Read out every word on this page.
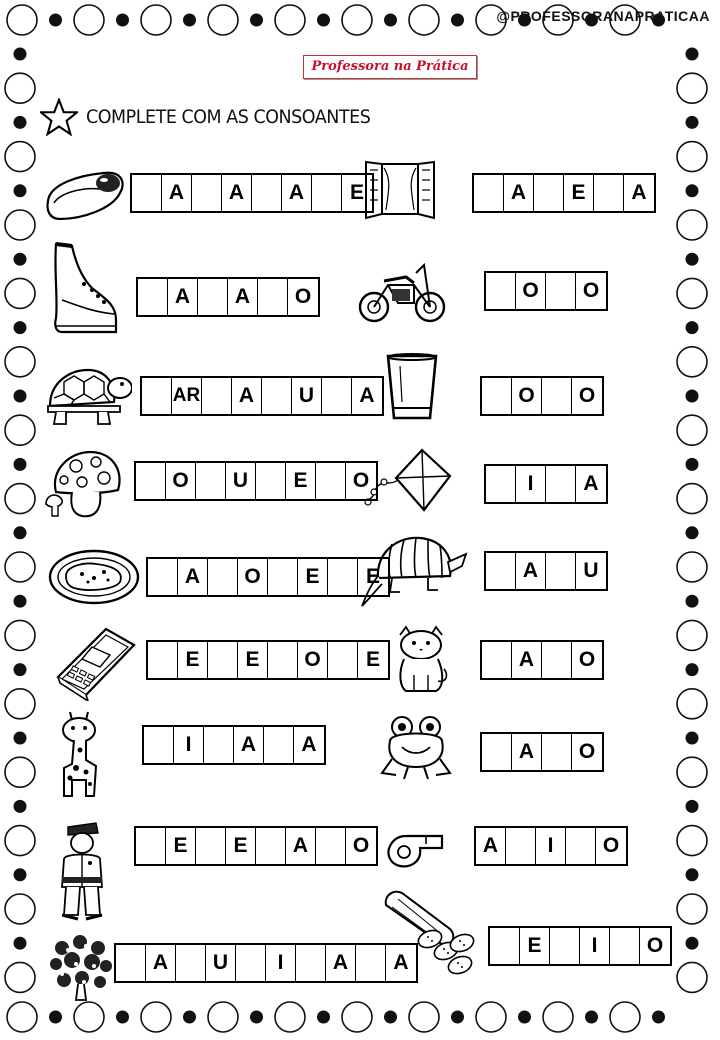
@PROFESSORANAPRATICAA
Professora na Prática
COMPLETE COM AS CONSOANTES
A	A	A	E	A	E	A
A	A	O	O	O
AR	A	U	A	O	O
O	U	E	O	I	A
A	O	E	E	A	U
E	E	O	E	A	O
I	A	A	A	O
E	E	A	O	A	I	O
A	U	I	A	A
E	I	O
